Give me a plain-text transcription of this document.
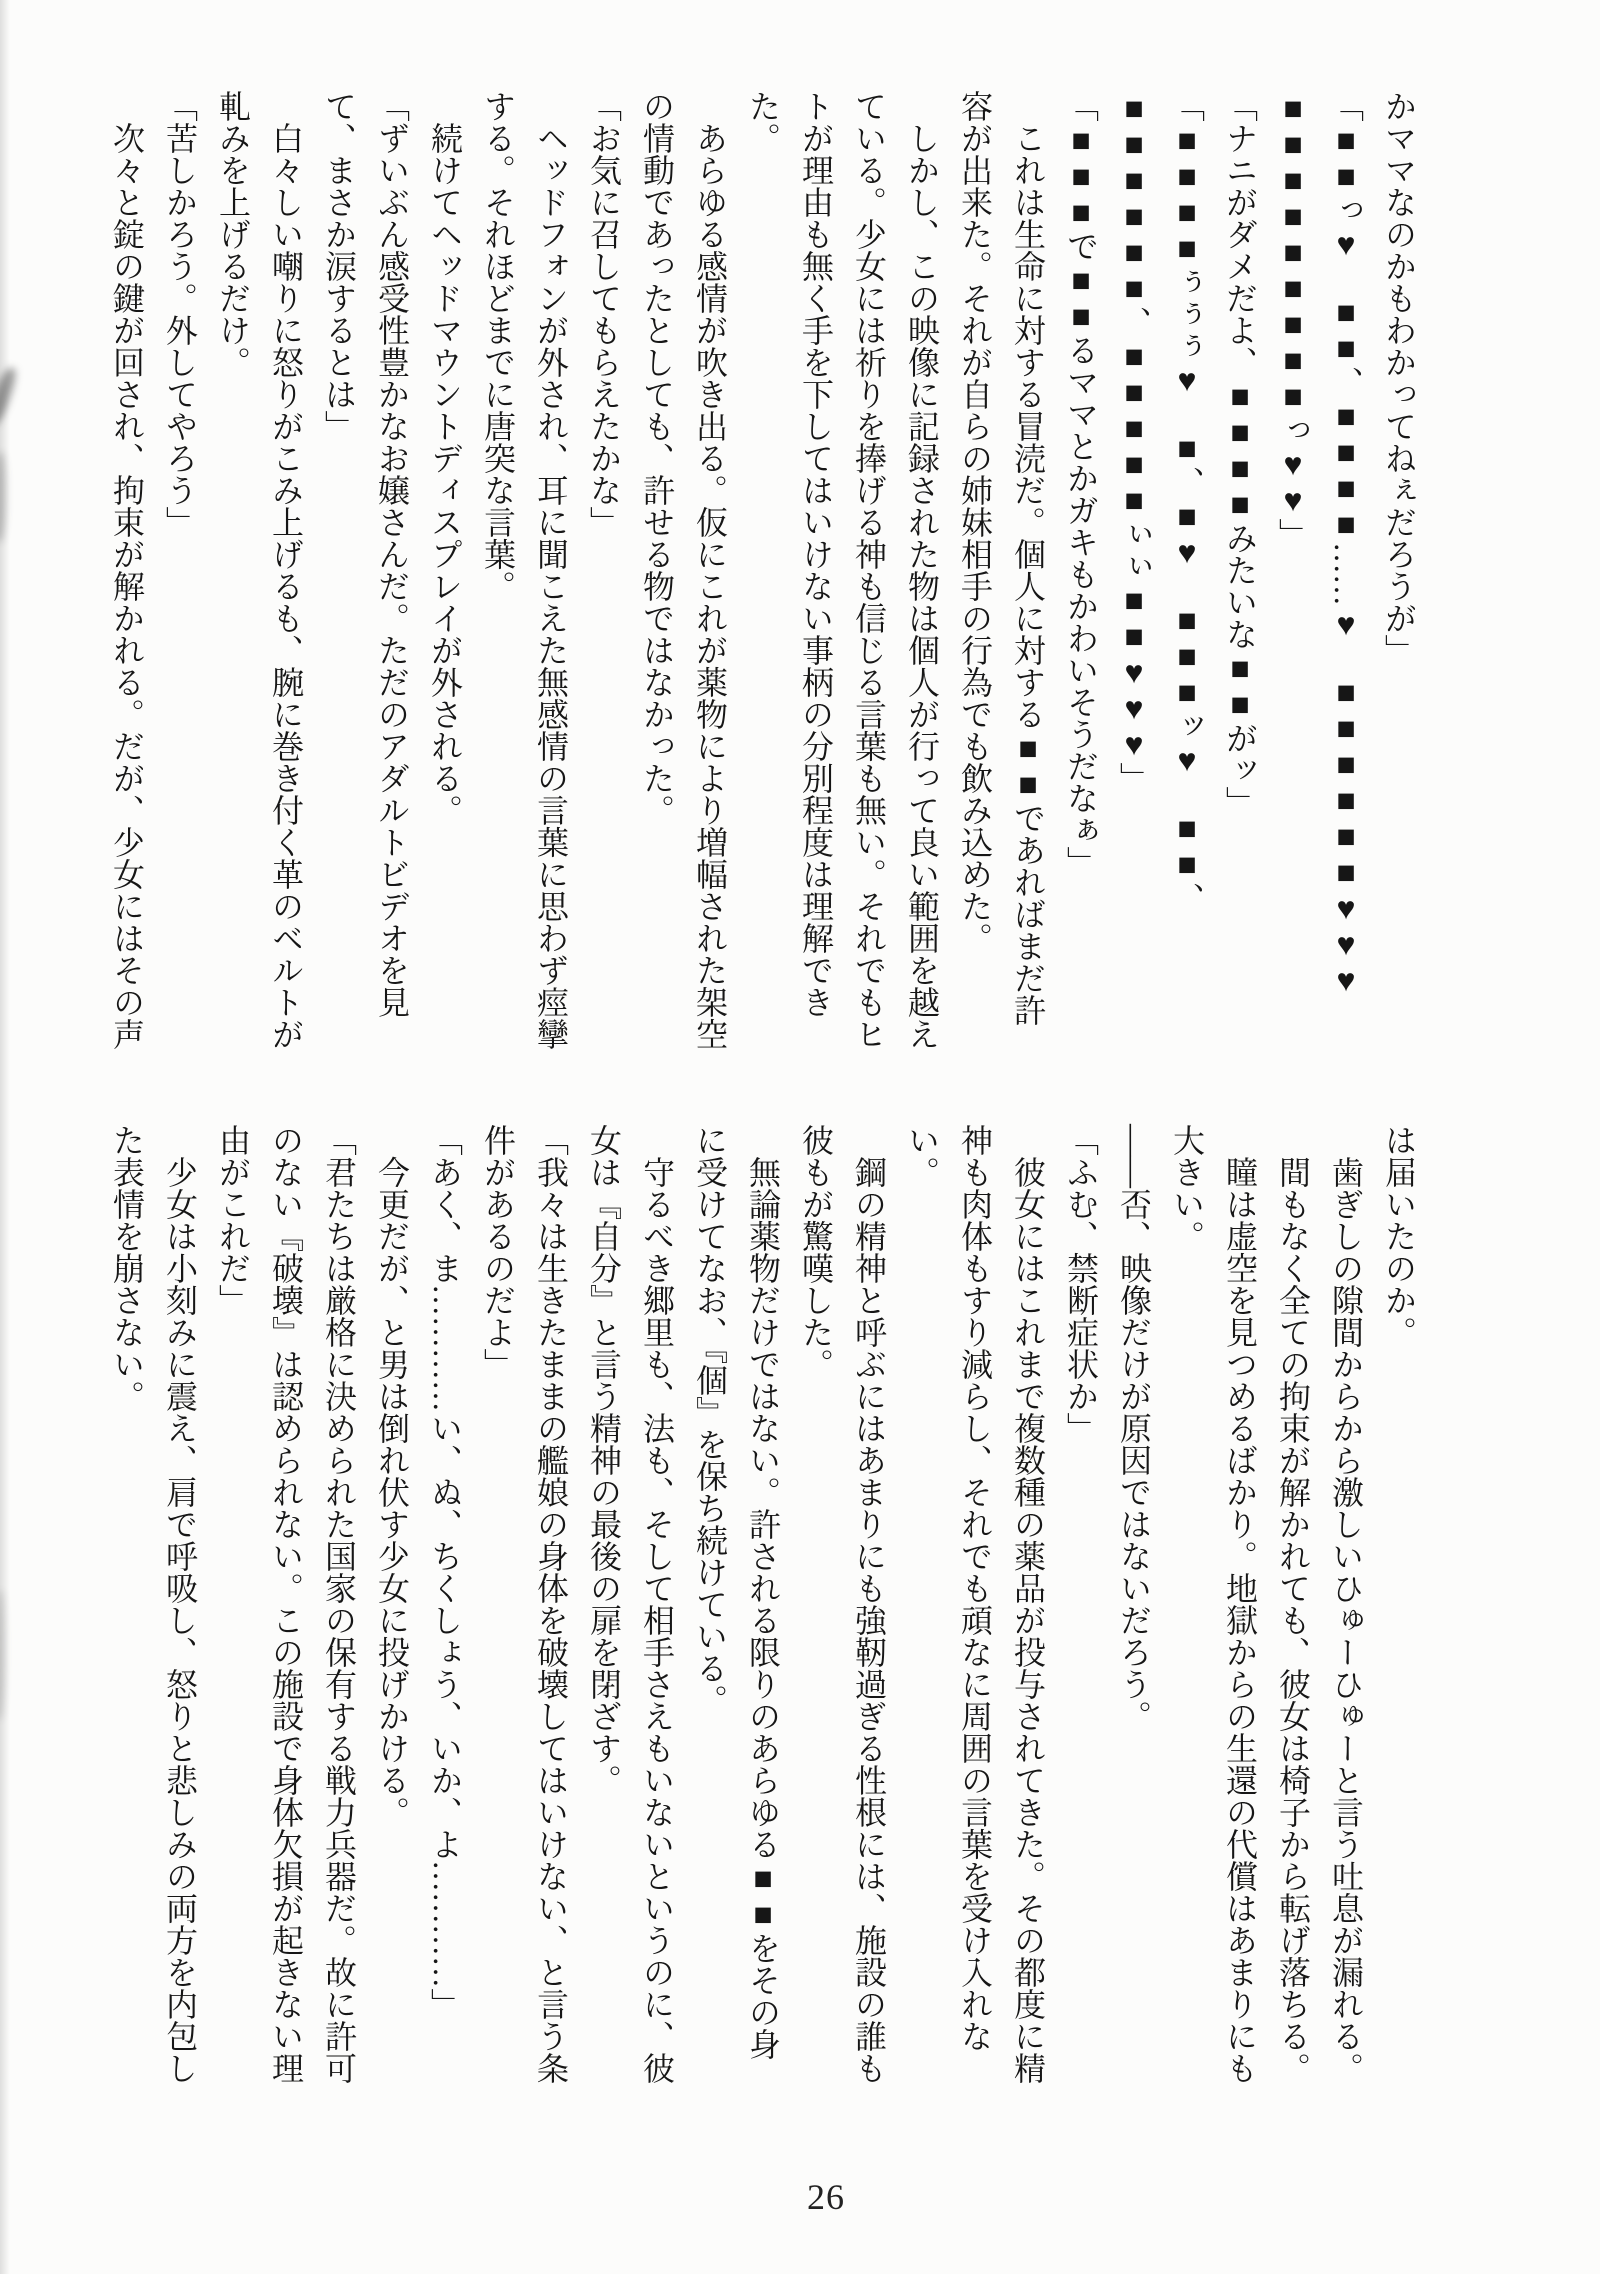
かママなのかもわかってねぇだろうが」

「■■っ♥　■■、■■■■……♥　■■■■■■♥♥♥　■■■■■■■■■っ♥♥」

「ナニがダメだよ、■■■■みたいな■■がッ」

「■■■■ぅぅぅ♥　■、■♥　■■■ッ♥　■■、■■■■■■、■■■■■ぃぃ■■♥♥♥」

「■■■で■■るママとかガキもかわいそうだなぁ」

これは生命に対する冒涜だ。個人に対する■■であればまだ許容が出来た。それが自らの姉妹相手の行為でも飲み込めた。

しかし、この映像に記録された物は個人が行って良い範囲を越えている。少女には祈りを捧げる神も信じる言葉も無い。それでもヒトが理由も無く手を下してはいけない事柄の分別程度は理解できた。

あらゆる感情が吹き出る。仮にこれが薬物により増幅された架空の情動であったとしても、許せる物ではなかった。

「お気に召してもらえたかな」

ヘッドフォンが外され、耳に聞こえた無感情の言葉に思わず痙攣する。それほどまでに唐突な言葉。

続けてヘッドマウントディスプレイが外される。

「ずいぶん感受性豊かなお嬢さんだ。ただのアダルトビデオを見て、まさか涙するとは」

白々しい嘲りに怒りがこみ上げるも、腕に巻き付く革のベルトが軋みを上げるだけ。

「苦しかろう。外してやろう」

次々と錠の鍵が回され、拘束が解かれる。だが、少女にはその声

は届いたのか。

歯ぎしの隙間からから激しいひゅーひゅーと言う吐息が漏れる。

間もなく全ての拘束が解かれても、彼女は椅子から転げ落ちる。

瞳は虚空を見つめるばかり。地獄からの生還の代償はあまりにも大きい。

――否、映像だけが原因ではないだろう。

「ふむ、禁断症状か」

彼女にはこれまで複数種の薬品が投与されてきた。その都度に精神も肉体もすり減らし、それでも頑なに周囲の言葉を受け入れない。

鋼の精神と呼ぶにはあまりにも強靭過ぎる性根には、施設の誰も彼もが驚嘆した。

無論薬物だけではない。許される限りのあらゆる■■をその身に受けてなお、『個』を保ち続けている。

守るべき郷里も、法も、そして相手さえもいないというのに、彼女は『自分』と言う精神の最後の扉を閉ざす。

「我々は生きたままの艦娘の身体を破壊してはいけない、と言う条件があるのだよ」

「あく、ま…………い、ぬ、ちくしょう、いか、よ…………」

今更だが、と男は倒れ伏す少女に投げかける。

「君たちは厳格に決められた国家の保有する戦力兵器だ。故に許可のない『破壊』は認められない。この施設で身体欠損が起きない理由がこれだ」

少女は小刻みに震え、肩で呼吸し、怒りと悲しみの両方を内包した表情を崩さない。

26
